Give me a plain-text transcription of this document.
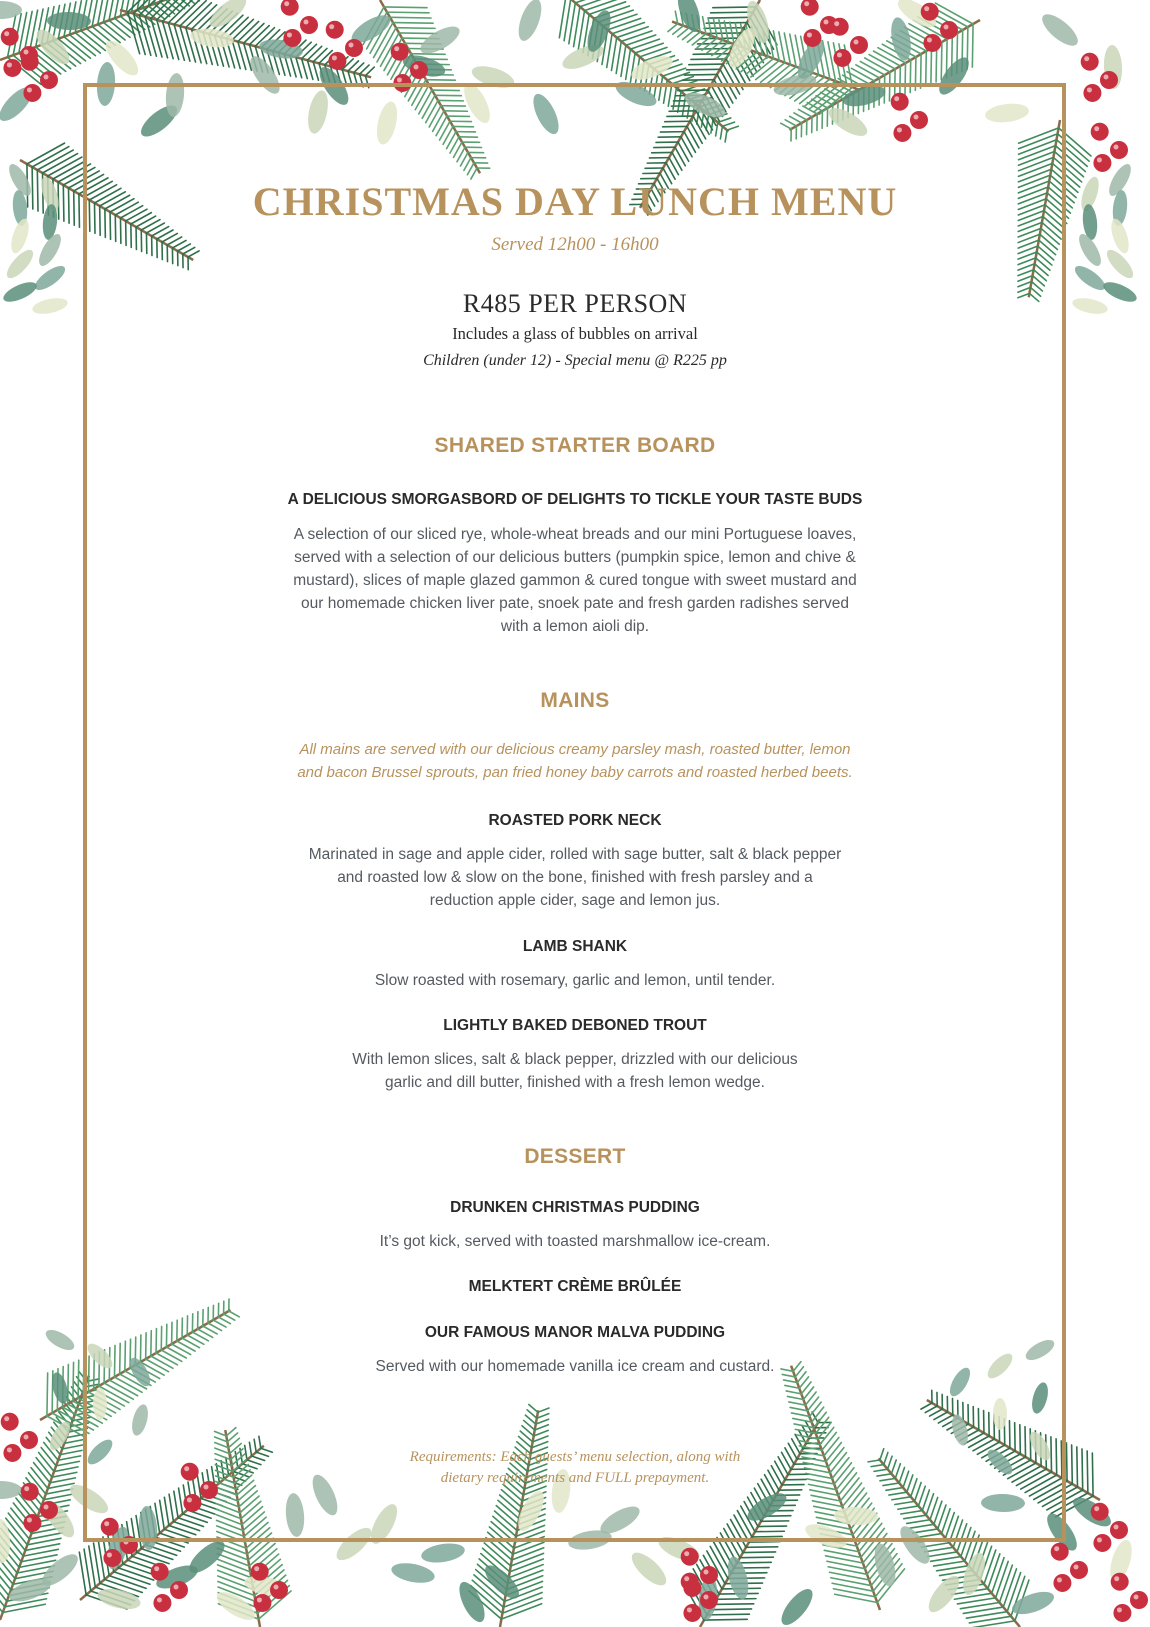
CHRISTMAS DAY LUNCH MENU
Served 12h00 - 16h00
R485 PER PERSON
Includes a glass of bubbles on arrival
Children (under 12) - Special menu @ R225 pp
SHARED STARTER BOARD
A DELICIOUS SMORGASBORD OF DELIGHTS TO TICKLE YOUR TASTE BUDS
A selection of our sliced rye, whole-wheat breads and our mini Portuguese loaves,
served with a selection of our delicious butters (pumpkin spice, lemon and chive &
mustard), slices of maple glazed gammon & cured tongue with sweet mustard and
our homemade chicken liver pate, snoek pate and fresh garden radishes served
with a lemon aioli dip.
MAINS
All mains are served with our delicious creamy parsley mash, roasted butter, lemon
and bacon Brussel sprouts, pan fried honey baby carrots and roasted herbed beets.
ROASTED PORK NECK
Marinated in sage and apple cider, rolled with sage butter, salt & black pepper
and roasted low & slow on the bone, finished with fresh parsley and a
reduction apple cider, sage and lemon jus.
LAMB SHANK
Slow roasted with rosemary, garlic and lemon, until tender.
LIGHTLY BAKED DEBONED TROUT
With lemon slices, salt & black pepper, drizzled with our delicious
garlic and dill butter, finished with a fresh lemon wedge.
DESSERT
DRUNKEN CHRISTMAS PUDDING
It’s got kick, served with toasted marshmallow ice-cream.
MELKTERT CRÈME BRÛLÉE
OUR FAMOUS MANOR MALVA PUDDING
Served with our homemade vanilla ice cream and custard.
Requirements: Each guests’ menu selection, along with
dietary requirements and FULL prepayment.
